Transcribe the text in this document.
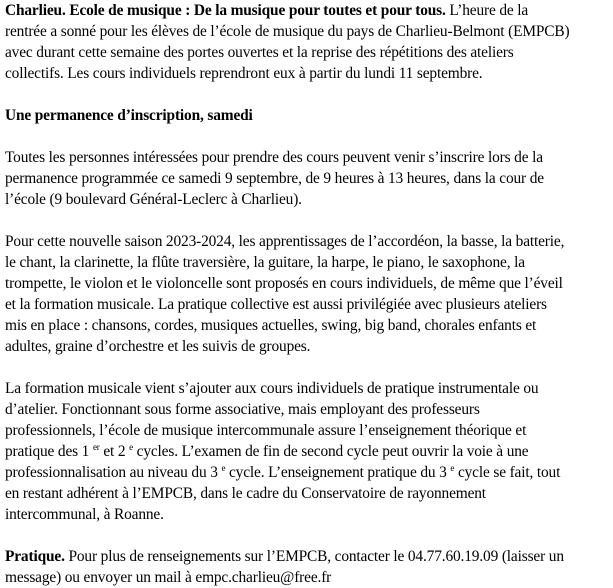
Charlieu. Ecole de musique : De la musique pour toutes et pour tous. L’heure de la
rentrée a sonné pour les élèves de l’école de musique du pays de Charlieu-Belmont (EMPCB)
avec durant cette semaine des portes ouvertes et la reprise des répétitions des ateliers
collectifs. Les cours individuels reprendront eux à partir du lundi 11 septembre.

Une permanence d’inscription, samedi

Toutes les personnes intéressées pour prendre des cours peuvent venir s’inscrire lors de la
permanence programmée ce samedi 9 septembre, de 9 heures à 13 heures, dans la cour de
l’école (9 boulevard Général-Leclerc à Charlieu).

Pour cette nouvelle saison 2023-2024, les apprentissages de l’accordéon, la basse, la batterie,
le chant, la clarinette, la flûte traversière, la guitare, la harpe, le piano, le saxophone, la
trompette, le violon et le violoncelle sont proposés en cours individuels, de même que l’éveil
et la formation musicale. La pratique collective est aussi privilégiée avec plusieurs ateliers
mis en place : chansons, cordes, musiques actuelles, swing, big band, chorales enfants et
adultes, graine d’orchestre et les suivis de groupes.

La formation musicale vient s’ajouter aux cours individuels de pratique instrumentale ou
d’atelier. Fonctionnant sous forme associative, mais employant des professeurs
professionnels, l’école de musique intercommunale assure l’enseignement théorique et
pratique des 1 $^{er}$ et 2 $^e$ cycles. L’examen de fin de second cycle peut ouvrir la voie à une
professionnalisation au niveau du 3 $^e$ cycle. L’enseignement pratique du 3 $^e$ cycle se fait, tout
en restant adhérent à l’EMPCB, dans le cadre du Conservatoire de rayonnement
intercommunal, à Roanne.

Pratique. Pour plus de renseignements sur l’EMPCB, contacter le 04.77.60.19.09 (laisser un
message) ou envoyer un mail à empc.charlieu@free.fr
